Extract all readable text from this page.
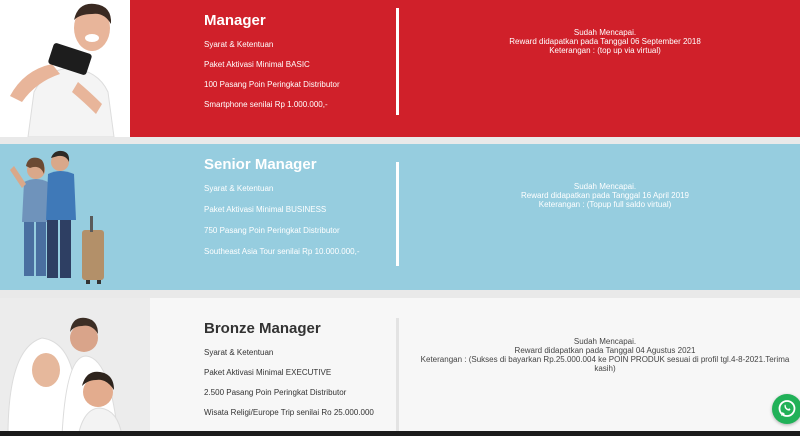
Manager
Syarat & Ketentuan
Paket Aktivasi Minimal BASIC
100 Pasang Poin Peringkat Distributor
Smartphone senilai Rp 1.000.000,-
Sudah Mencapai.
Reward didapatkan pada Tanggal 06 September 2018
Keterangan : (top up via virtual)
Senior Manager
Syarat & Ketentuan
Paket Aktivasi Minimal BUSINESS
750 Pasang Poin Peringkat Distributor
Southeast Asia Tour senilai Rp 10.000.000,-
Sudah Mencapai.
Reward didapatkan pada Tanggal 16 April 2019
Keterangan : (Topup full saldo virtual)
Bronze Manager
Syarat & Ketentuan
Paket Aktivasi Minimal EXECUTIVE
2.500 Pasang Poin Peringkat Distributor
Wisata Religi/Europe Trip senilai Ro 25.000.000
Sudah Mencapai.
Reward didapatkan pada Tanggal 04 Agustus 2021
Keterangan : (Sukses di bayarkan Rp.25.000.004 ke POIN PRODUK sesuai di profil tgl.4-8-2021.Terima kasih)
